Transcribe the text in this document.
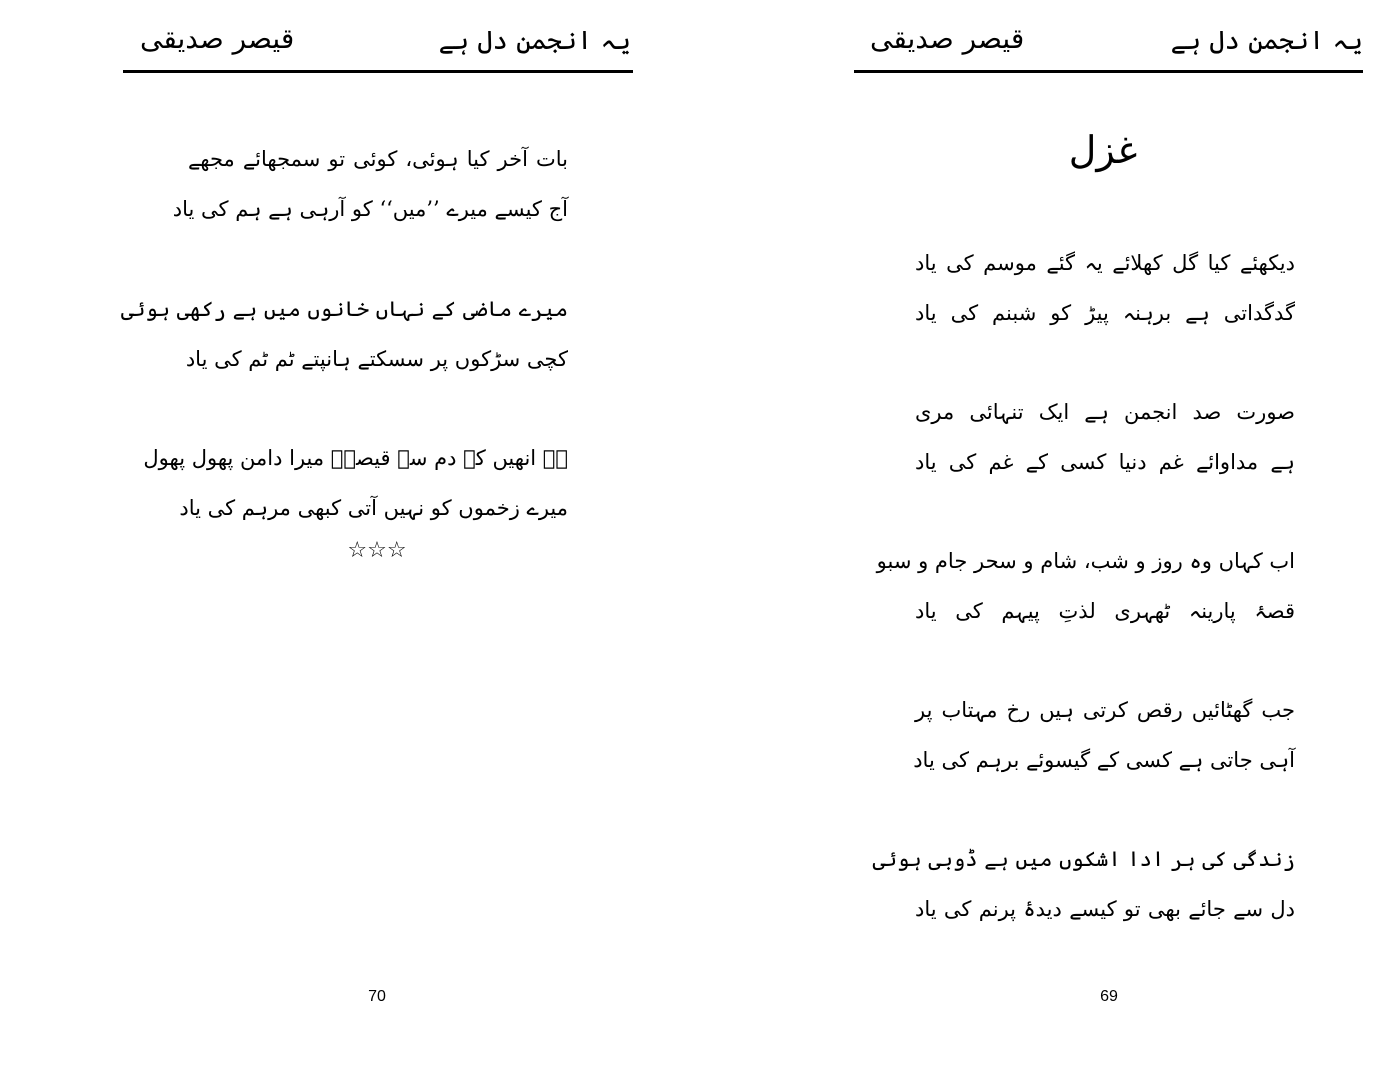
یہ انجمن دل ہے
قیصر صدیقی
بات آخر کیا ہوئی، کوئی تو سمجھائے مجھے
آج کیسے میرے ’’میں‘‘ کو آرہی ہے ہم کی یاد
میرے ماضی کے نہاں خانوں میں ہے رکھی ہوئی
کچی سڑکوں پر سسکتے ہانپتے ٹم ٹم کی یاد
ہے انھیں کے دم سے قیصرؔ میرا دامن پھول پھول
میرے زخموں کو نہیں آتی کبھی مرہم کی یاد
☆☆☆
70
یہ انجمن دل ہے
قیصر صدیقی
غزل
دیکھئے کیا گل کھلائے یہ گئے موسم کی یاد
گدگداتی ہے برہنہ پیڑ کو شبنم کی یاد
صورت صد انجمن ہے ایک تنہائی مری
ہے مداوائے غم دنیا کسی کے غم کی یاد
اب کہاں وہ روز و شب، شام و سحر جام و سبو
قصۂ پارینہ ٹھہری لذتِ پیہم کی یاد
جب گھٹائیں رقص کرتی ہیں رخ مہتاب پر
آہی جاتی ہے کسی کے گیسوئے برہم کی یاد
زندگی کی ہر ادا اشکوں میں ہے ڈوبی ہوئی
دل سے جائے بھی تو کیسے دیدۂ پرنم کی یاد
69
